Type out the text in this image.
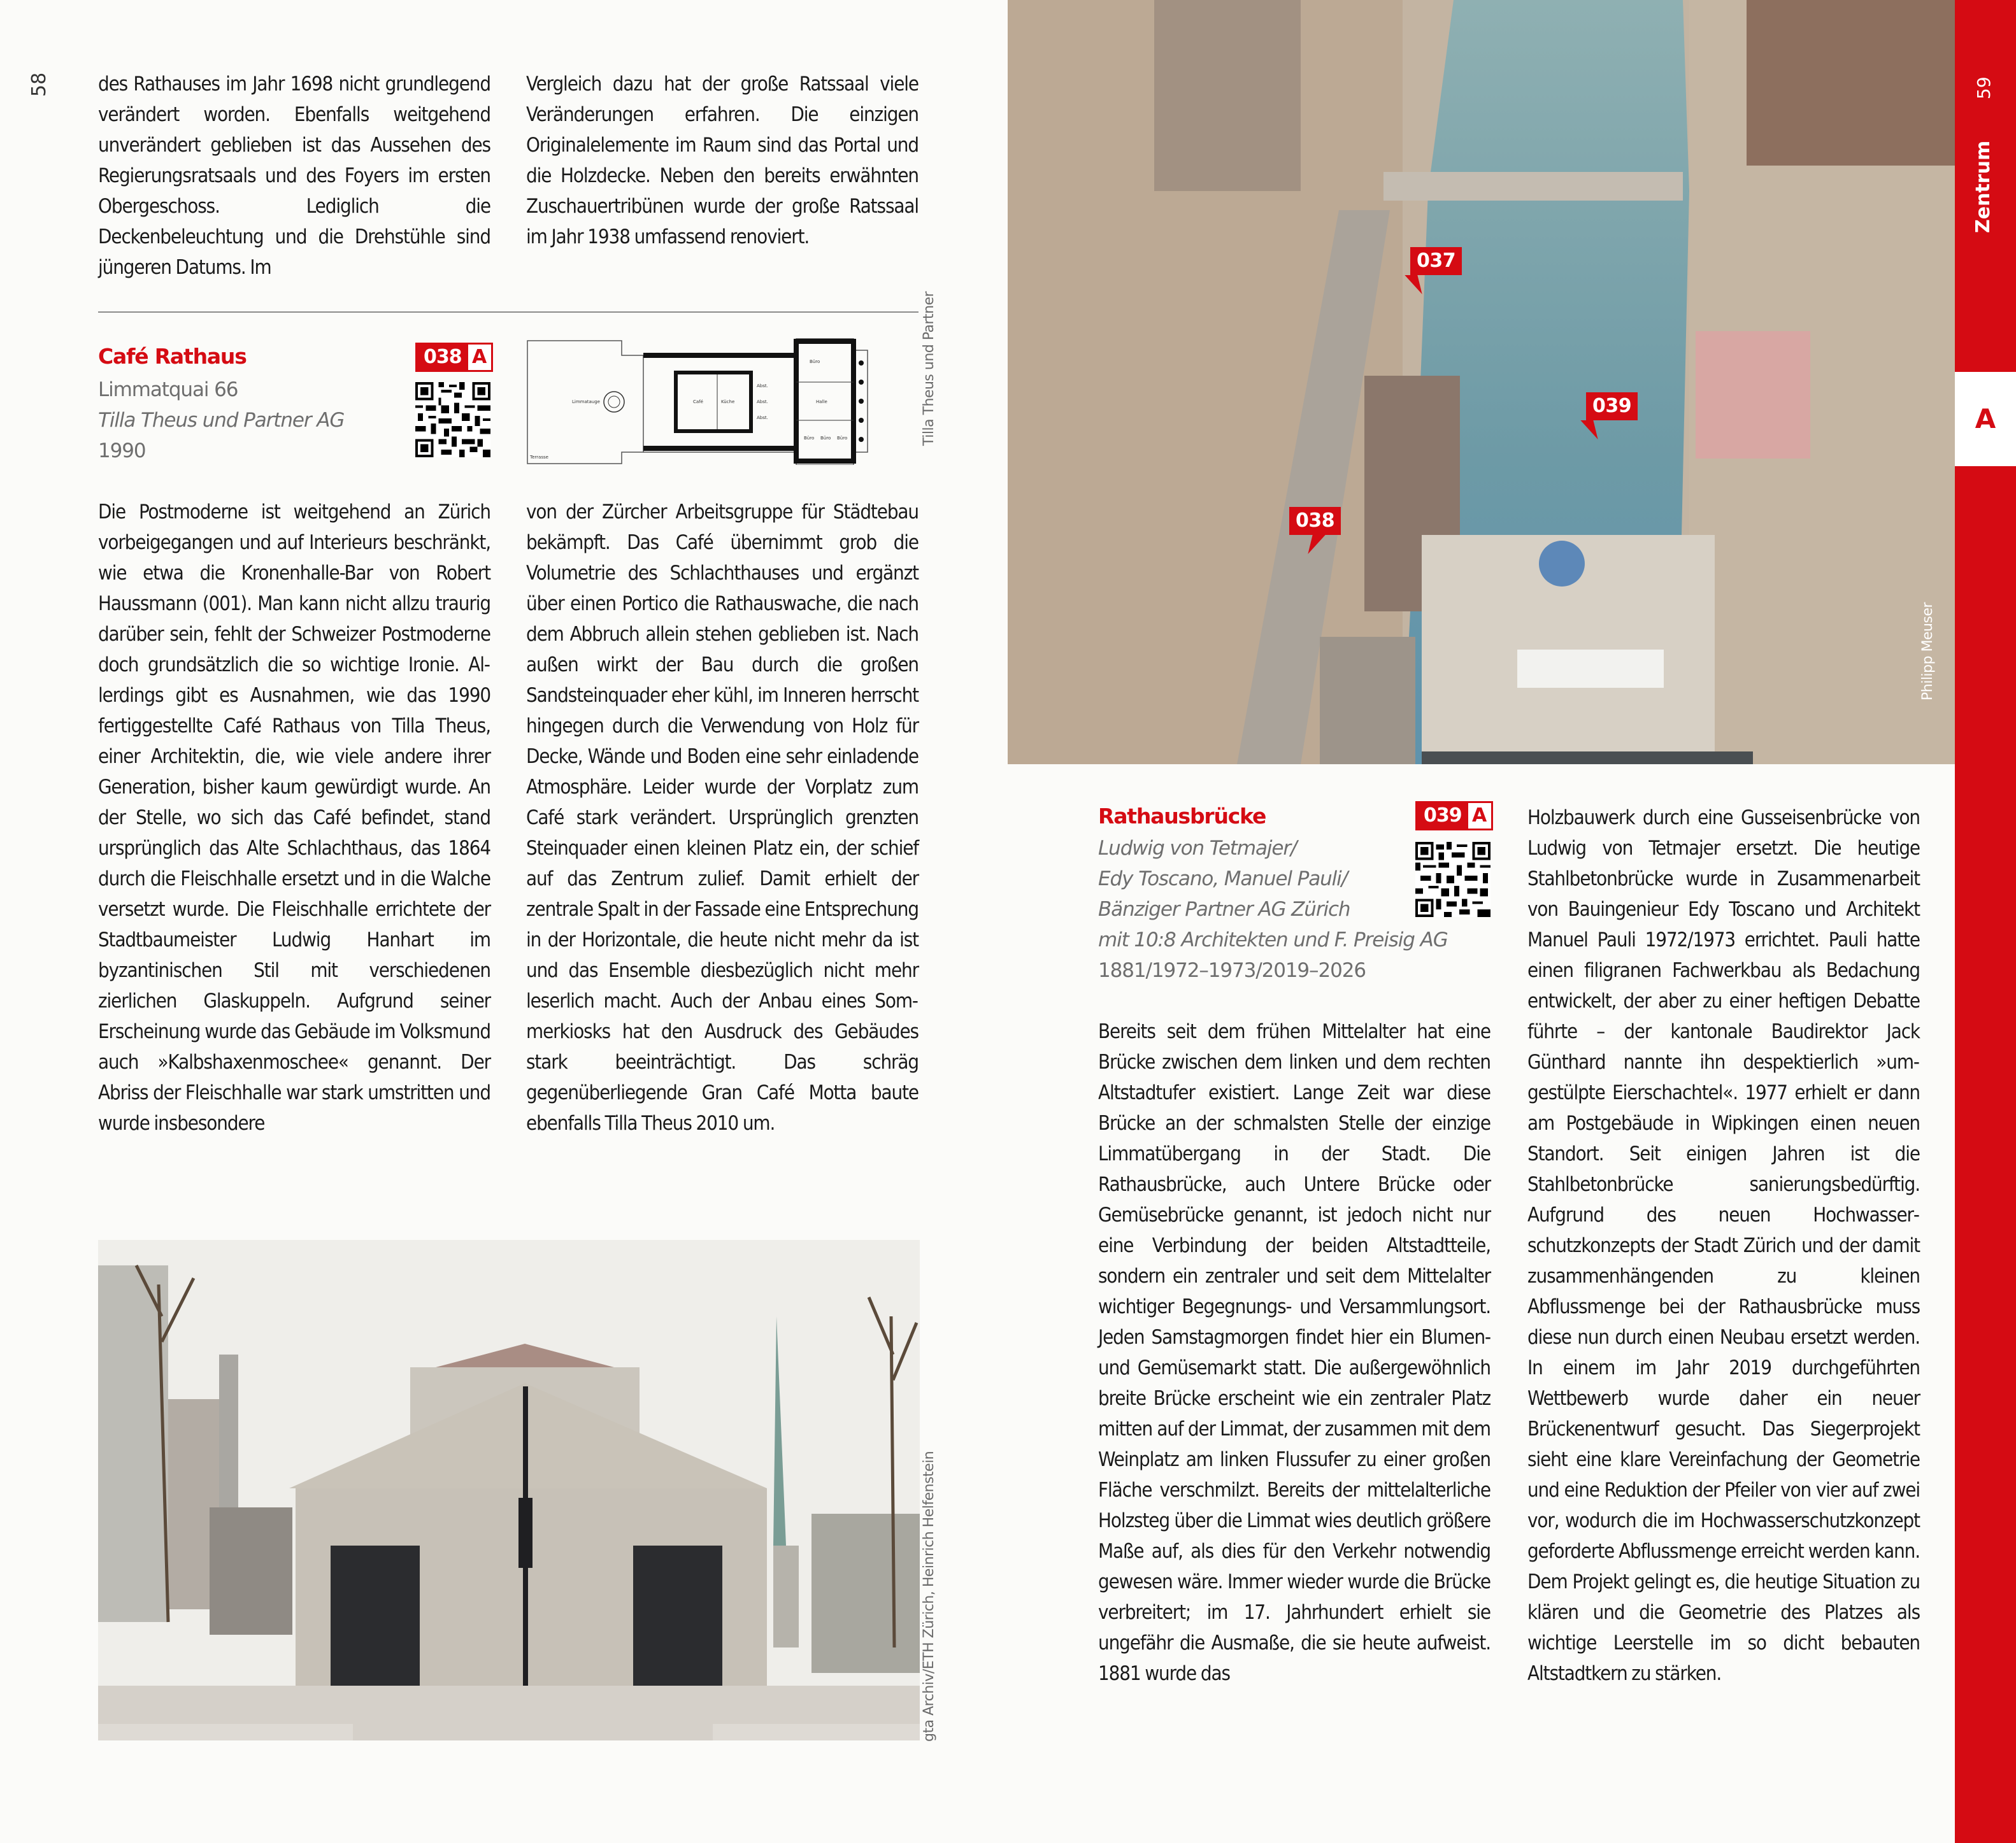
58 des Rathauses im Jahr 1698 nicht grundlegend verändert worden. Ebenfalls weitgehend unverändert geblieben ist das Aussehen des Regierungsratsaals und des Foyers im ersten Obergeschoss. Lediglich die Deckenbeleuchtung und die Drehstühle sind jüngeren Datums. Im

Vergleich dazu hat der große Ratssaal viele Veränderungen erfahren. Die einzigen Originalelemente im Raum sind das Portal und die Holzdecke. Neben den bereits erwähnten Zuschauertribünen wurde der große Ratssaal im Jahr 1938 umfassend renoviert.

Café Rathaus
Limmatquai 66
Tilla Theus und Partner AG
1990
038 A
Limmatauge	Café	Küche
Abst.
Abst.
Abst.
Halle
Büro
Büro Büro Büro
Terrasse
Tilla Theus und Partner

Die Postmoderne ist weitgehend an Zürich vorbeigegangen und auf Interieurs beschränkt, wie etwa die Kronenhalle-Bar von Robert Haussmann (001). Man kann nicht allzu traurig darüber sein, fehlt der Schweizer Postmoderne doch grundsätzlich die so wichtige Ironie. Allerdings gibt es Ausnahmen, wie das 1990 fertiggestellte Café Rathaus von Tilla Theus, einer Architektin, die, wie viele andere ihrer Generation, bisher kaum gewürdigt wurde. An der Stelle, wo sich das Café befindet, stand ursprünglich das Alte Schlachthaus, das 1864 durch die Fleischhalle ersetzt und in die Walche versetzt wurde. Die Fleischhalle errichtete der Stadtbaumeister Ludwig Hanhart im byzantinischen Stil mit verschiedenen zierlichen Glaskuppeln. Aufgrund seiner Erscheinung wurde das Gebäude im Volksmund auch »Kalbshaxenmoschee« genannt. Der Abriss der Fleischhalle war stark umstritten und wurde insbesondere

von der Zürcher Arbeitsgruppe für Städtebau bekämpft. Das Café übernimmt grob die Volumetrie des Schlachthauses und ergänzt über einen Portico die Rathauswache, die nach dem Abbruch allein stehen geblieben ist. Nach außen wirkt der Bau durch die großen Sandsteinquader eher kühl, im Inneren herrscht hingegen durch die Verwendung von Holz für Decke, Wände und Boden eine sehr einladende Atmosphäre. Leider wurde der Vorplatz zum Café stark verändert. Ursprünglich grenzten Steinquader einen kleinen Platz ein, der schief auf das Zentrum zulief. Damit erhielt der zentrale Spalt in der Fassade eine Entsprechung in der Horizontale, die heute nicht mehr da ist und das Ensemble diesbezüglich nicht mehr leserlich macht. Auch der Anbau eines Sommerkiosks hat den Ausdruck des Gebäudes stark beeinträchtigt. Das schräg gegenüberliegende Gran Café Motta baute ebenfalls Tilla Theus 2010 um.

gta Archiv/ETH Zürich, Heinrich Helfenstein
037
038
039
Philipp Meuser
A
59
Zentrum
Rathausbrücke
Ludwig von Tetmajer/
Edy Toscano, Manuel Pauli/
Bänziger Partner AG Zürich
mit 10:8 Architekten und F. Preisig AG
1881/1972–1973/2019–2026
039 A

Bereits seit dem frühen Mittelalter hat eine Brücke zwischen dem linken und dem rechten Altstadtufer existiert. Lange Zeit war diese Brücke an der schmalsten Stelle der einzige Limmatübergang in der Stadt. Die Rathausbrücke, auch Untere Brücke oder Gemüsebrücke genannt, ist jedoch nicht nur eine Verbindung der beiden Altstadtteile, sondern ein zentraler und seit dem Mittelalter wichtiger Begegnungs- und Versammlungsort. Jeden Samstagmorgen findet hier ein Blumen- und Gemüsemarkt statt. Die außergewöhnlich breite Brücke erscheint wie ein zentraler Platz mitten auf der Limmat, der zusammen mit dem Weinplatz am linken Flussufer zu einer großen Fläche verschmilzt. Bereits der mittelalterliche Holzsteg über die Limmat wies deutlich größere Maße auf, als dies für den Verkehr notwendig gewesen wäre. Immer wieder wurde die Brücke verbreitert; im 17. Jahrhundert erhielt sie ungefähr die Ausmaße, die sie heute aufweist. 1881 wurde das

Holzbauwerk durch eine Gusseisenbrücke von Ludwig von Tetmajer ersetzt. Die heutige Stahlbetonbrücke wurde in Zusammenarbeit von Bauingenieur Edy Toscano und Architekt Manuel Pauli 1972/1973 errichtet. Pauli hatte einen filigranen Fachwerkbau als Bedachung entwickelt, der aber zu einer heftigen Debatte führte – der kantonale Baudirektor Jack Günthard nannte ihn despektierlich »umgestülpte Eierschachtel«. 1977 erhielt er dann am Postgebäude in Wipkingen einen neuen Standort. Seit einigen Jahren ist die Stahlbetonbrücke sanierungsbedürftig. Aufgrund des neuen Hochwasserschutzkonzepts der Stadt Zürich und der damit zusammenhängenden zu kleinen Abflussmenge bei der Rathausbrücke muss diese nun durch einen Neubau ersetzt werden. In einem im Jahr 2019 durchgeführten Wettbewerb wurde daher ein neuer Brückenentwurf gesucht. Das Siegerprojekt sieht eine klare Vereinfachung der Geometrie und eine Reduktion der Pfeiler von vier auf zwei vor, wodurch die im Hochwasserschutzkonzept geforderte Abflussmenge erreicht werden kann. Dem Projekt gelingt es, die heutige Situation zu klären und die Geometrie des Platzes als wichtige Leerstelle im so dicht bebauten Altstadtkern zu stärken.
